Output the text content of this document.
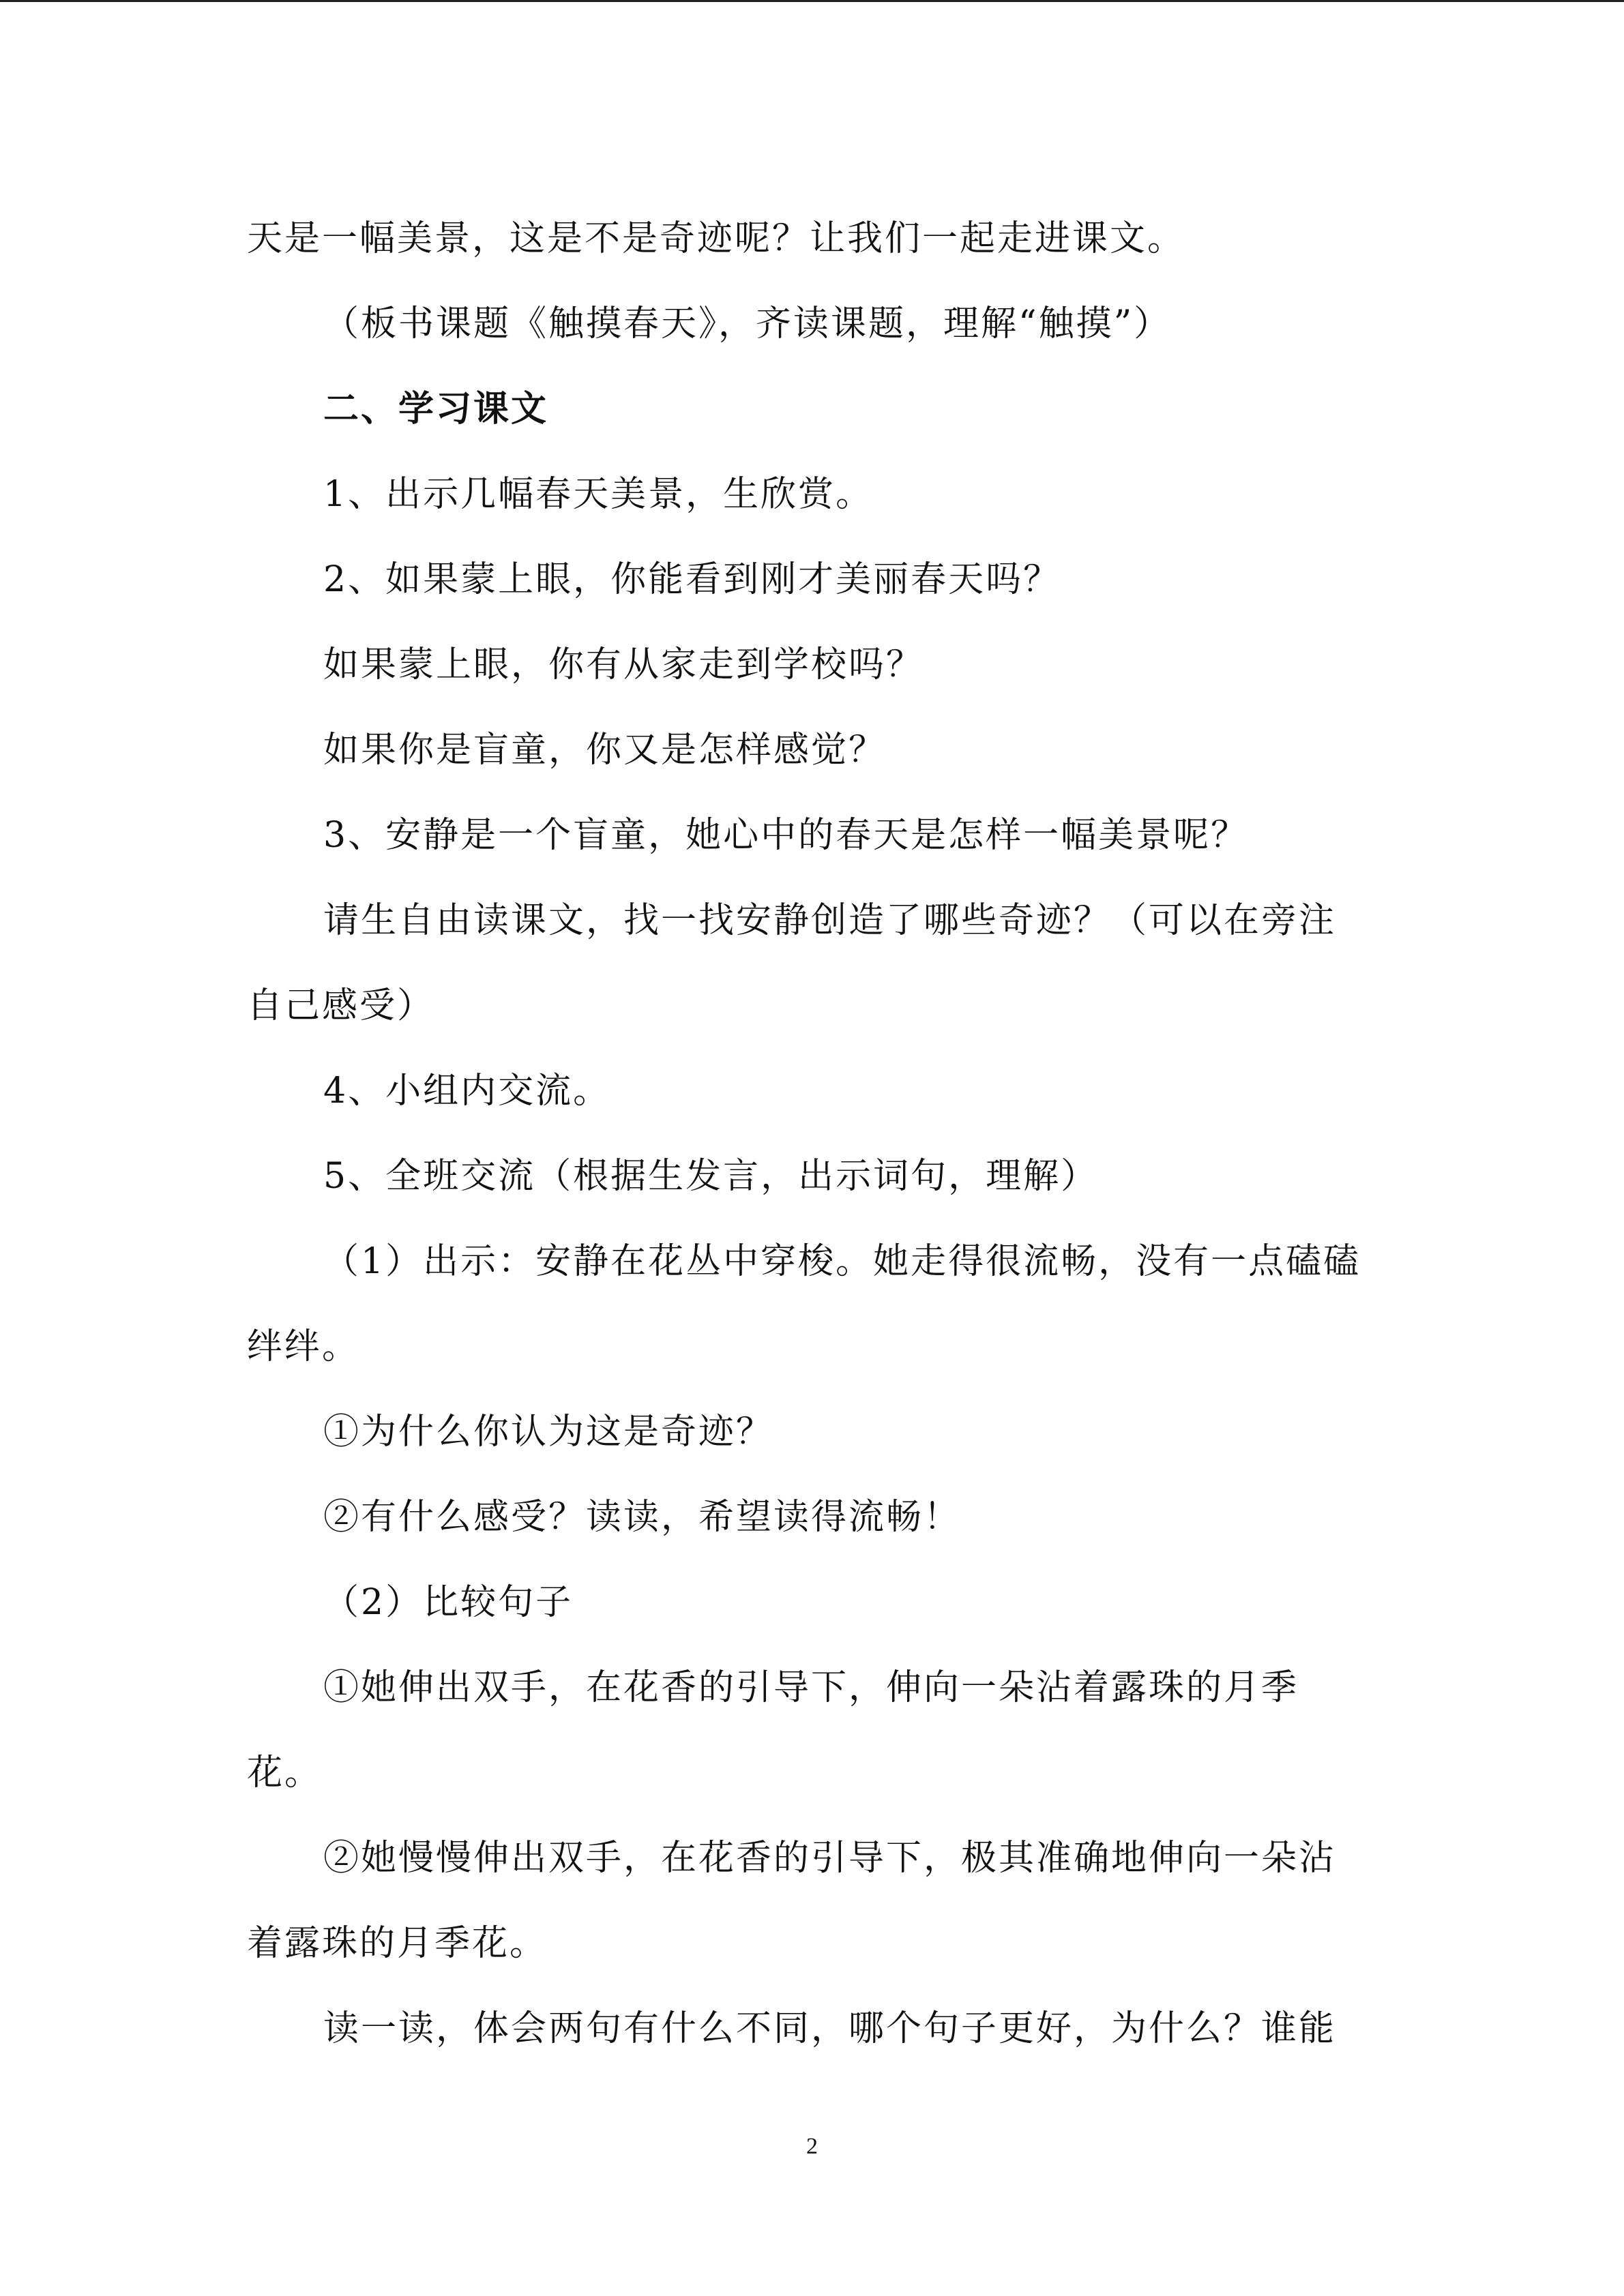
天是一幅美景，这是不是奇迹呢？让我们一起走进课文。
（板书课题《触摸春天》，齐读课题，理解“触摸”）
二、学习课文
1、出示几幅春天美景，生欣赏。
2、如果蒙上眼，你能看到刚才美丽春天吗？
如果蒙上眼，你有从家走到学校吗？
如果你是盲童，你又是怎样感觉？
3、安静是一个盲童，她心中的春天是怎样一幅美景呢？
请生自由读课文，找一找安静创造了哪些奇迹？（可以在旁注
自己感受）
4、小组内交流。
5、全班交流（根据生发言，出示词句，理解）
（1）出示：安静在花丛中穿梭。她走得很流畅，没有一点磕磕
绊绊。
①为什么你认为这是奇迹？
②有什么感受？读读，希望读得流畅！
（2）比较句子
①她伸出双手，在花香的引导下，伸向一朵沾着露珠的月季
花。
②她慢慢伸出双手，在花香的引导下，极其准确地伸向一朵沾
着露珠的月季花。
读一读，体会两句有什么不同，哪个句子更好，为什么？谁能
2
